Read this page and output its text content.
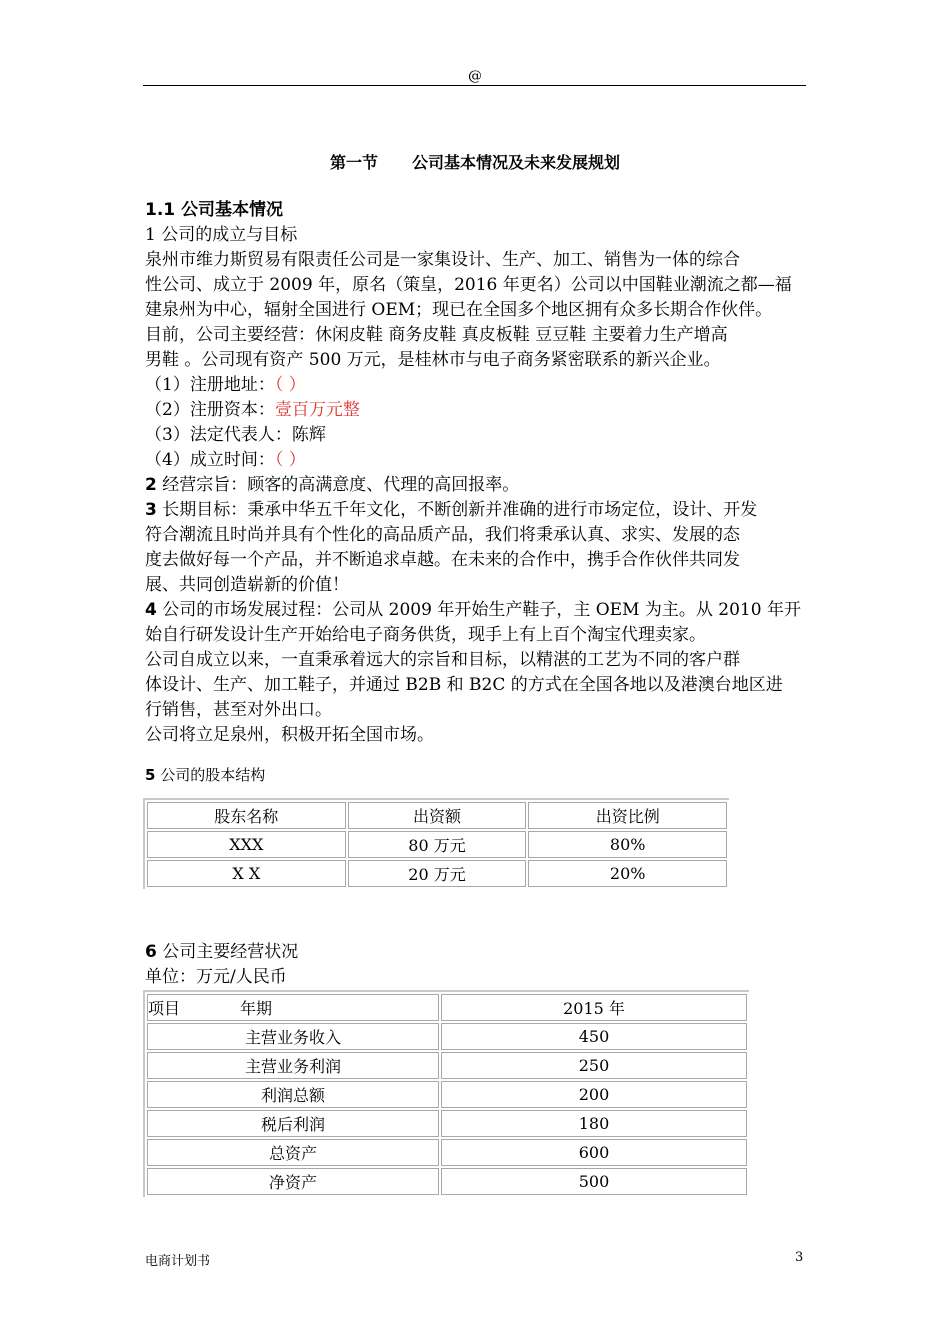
@
第一节 公司基本情况及未来发展规划

1.1 公司基本情况

1 公司的成立与目标

泉州市维力斯贸易有限责任公司是一家集设计、生产、加工、销售为一体的综合

性公司、成立于 2009 年，原名（策皇，2016 年更名）公司以中国鞋业潮流之都—福

建泉州为中心，辐射全国进行 OEM；现已在全国多个地区拥有众多长期合作伙伴。

目前，公司主要经营：休闲皮鞋 商务皮鞋 真皮板鞋 豆豆鞋 主要着力生产增高

男鞋 。公司现有资产 500 万元，是桂林市与电子商务紧密联系的新兴企业。

（1）注册地址：（ ）

（2）注册资本：壹百万元整

（3）法定代表人：陈辉

（4）成立时间：（ ）

2 经营宗旨：顾客的高满意度、代理的高回报率。

3 长期目标：秉承中华五千年文化，不断创新并准确的进行市场定位，设计、开发

符合潮流且时尚并具有个性化的高品质产品，我们将秉承认真、求实、发展的态

度去做好每一个产品，并不断追求卓越。在未来的合作中，携手合作伙伴共同发

展、共同创造崭新的价值！

4 公司的市场发展过程：公司从 2009 年开始生产鞋子，主 OEM 为主。从 2010 年开

始自行研发设计生产开始给电子商务供货，现手上有上百个淘宝代理卖家。

公司自成立以来，一直秉承着远大的宗旨和目标，以精湛的工艺为不同的客户群

体设计、生产、加工鞋子，并通过 B2B 和 B2C 的方式在全国各地以及港澳台地区进

行销售，甚至对外出口。

公司将立足泉州，积极开拓全国市场。

5 公司的股本结构

股东名称	出资额	出资比例
XXX	80 万元	80%
X X	20 万元	20%

6 公司主要经营状况

单位：万元/人民币

项目 年期	2015 年
主营业务收入	450
主营业务利润	250
利润总额	200
税后利润	180
总资产	600
净资产	500
电商计划书	3
